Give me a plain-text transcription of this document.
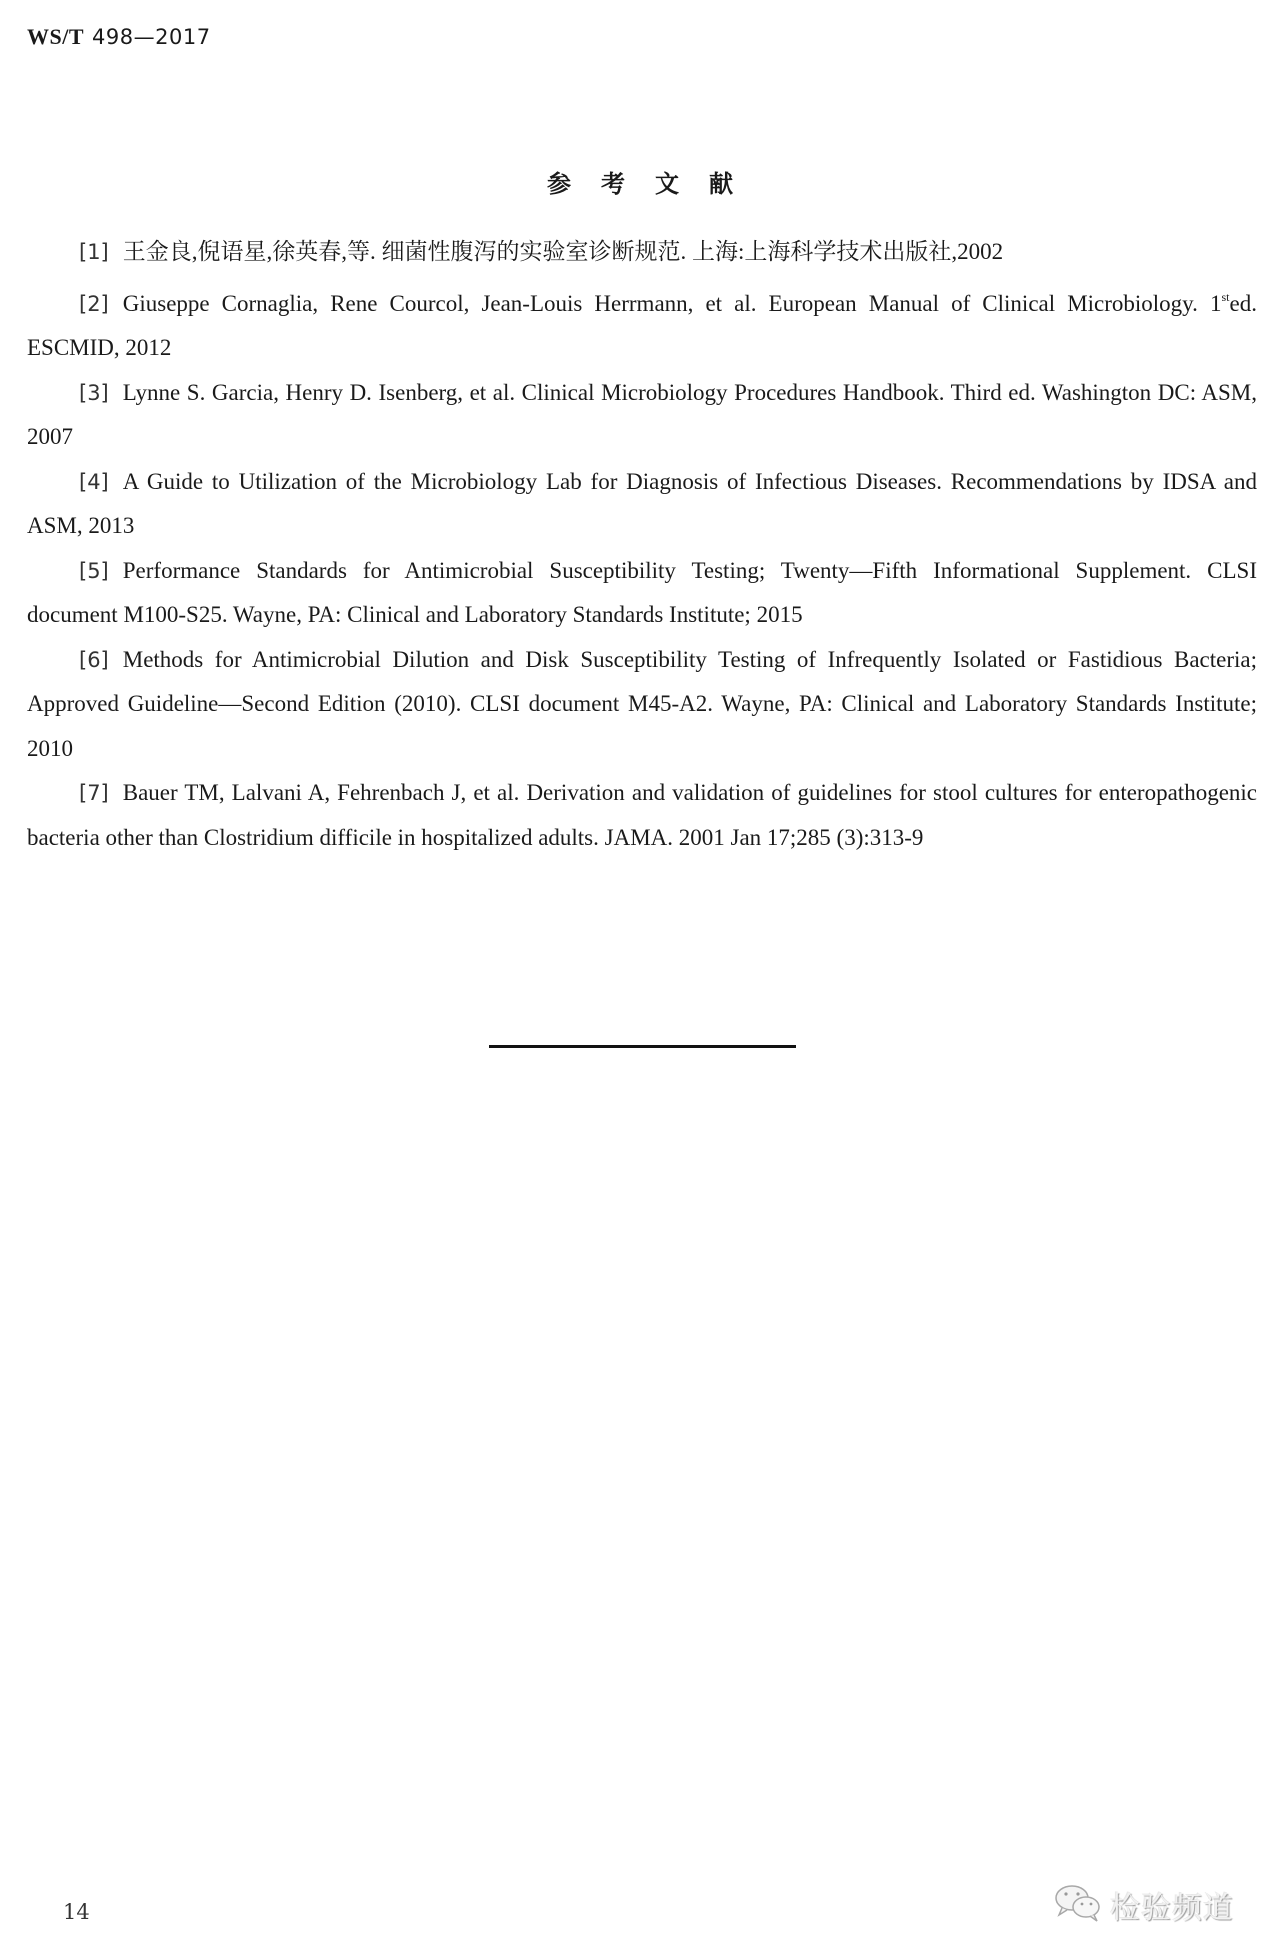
WS/T 498—2017
参考文献

[1] 王金良,倪语星,徐英春,等. 细菌性腹泻的实验室诊断规范. 上海:上海科学技术出版社,2002

[2] Giuseppe Cornaglia, Rene Courcol, Jean-Louis Herrmann, et al. European Manual of Clinical Microbiology. 1sted. ESCMID, 2012

[3] Lynne S. Garcia, Henry D. Isenberg, et al. Clinical Microbiology Procedures Handbook. Third ed. Washington DC: ASM, 2007

[4] A Guide to Utilization of the Microbiology Lab for Diagnosis of Infectious Diseases. Recommendations by IDSA and ASM, 2013

[5] Performance Standards for Antimicrobial Susceptibility Testing; Twenty—Fifth Informational Supplement. CLSI document M100-S25. Wayne, PA: Clinical and Laboratory Standards Institute; 2015

[6] Methods for Antimicrobial Dilution and Disk Susceptibility Testing of Infrequently Isolated or Fastidious Bacteria; Approved Guideline—Second Edition (2010). CLSI document M45-A2. Wayne, PA: Clinical and Laboratory Standards Institute; 2010

[7] Bauer TM, Lalvani A, Fehrenbach J, et al. Derivation and validation of guidelines for stool cultures for enteropathogenic bacteria other than Clostridium difficile in hospitalized adults. JAMA. 2001 Jan 17;285 (3):313-9

14	检验频道
